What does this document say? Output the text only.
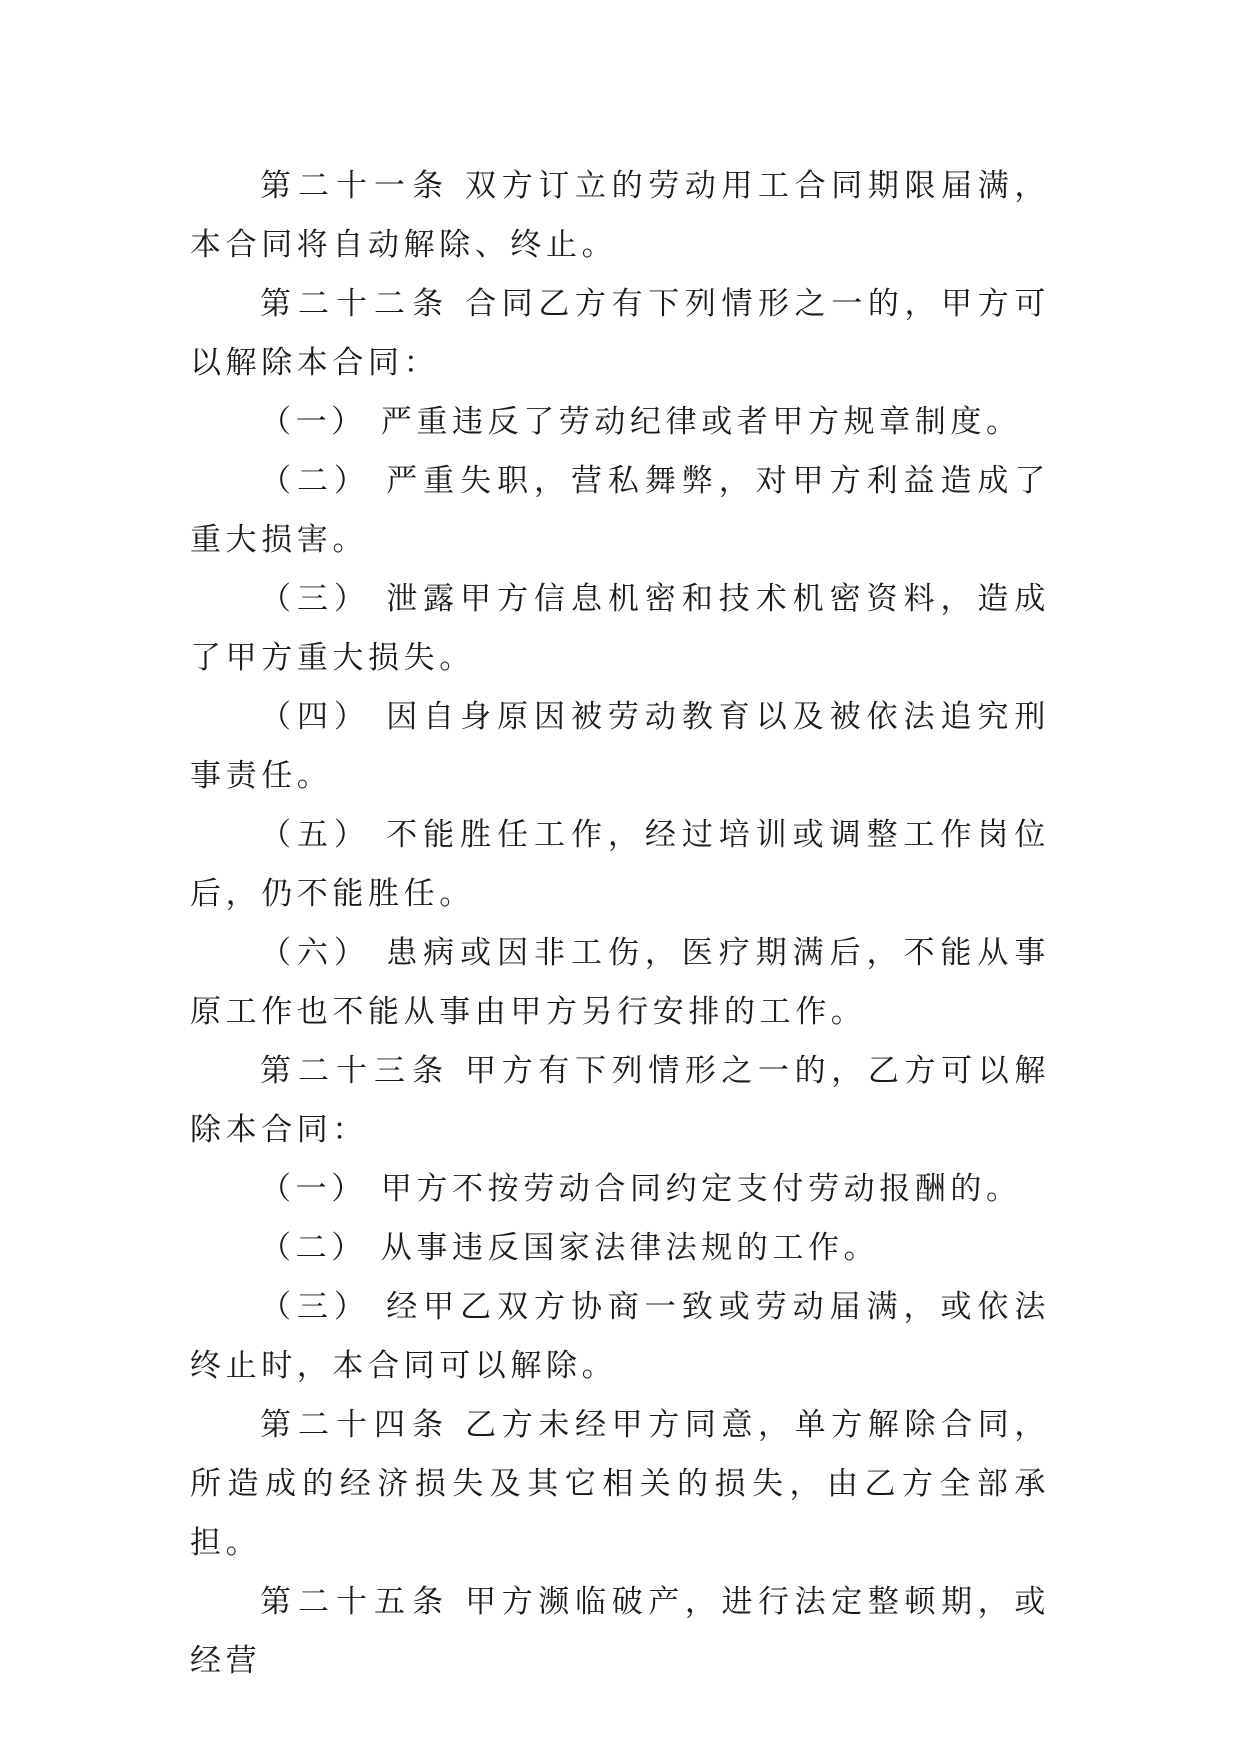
第二十一条 双方订立的劳动用工合同期限届满，本合同将自动解除、终止。

第二十二条 合同乙方有下列情形之一的，甲方可以解除本合同：

（一） 严重违反了劳动纪律或者甲方规章制度。

（二） 严重失职，营私舞弊，对甲方利益造成了重大损害。

（三） 泄露甲方信息机密和技术机密资料，造成了甲方重大损失。

（四） 因自身原因被劳动教育以及被依法追究刑事责任。

（五） 不能胜任工作，经过培训或调整工作岗位后，仍不能胜任。

（六） 患病或因非工伤，医疗期满后，不能从事原工作也不能从事由甲方另行安排的工作。

第二十三条 甲方有下列情形之一的，乙方可以解除本合同：

（一） 甲方不按劳动合同约定支付劳动报酬的。

（二） 从事违反国家法律法规的工作。

（三） 经甲乙双方协商一致或劳动届满，或依法终止时，本合同可以解除。

第二十四条 乙方未经甲方同意，单方解除合同，所造成的经济损失及其它相关的损失，由乙方全部承担。

第二十五条 甲方濒临破产，进行法定整顿期，或经营
